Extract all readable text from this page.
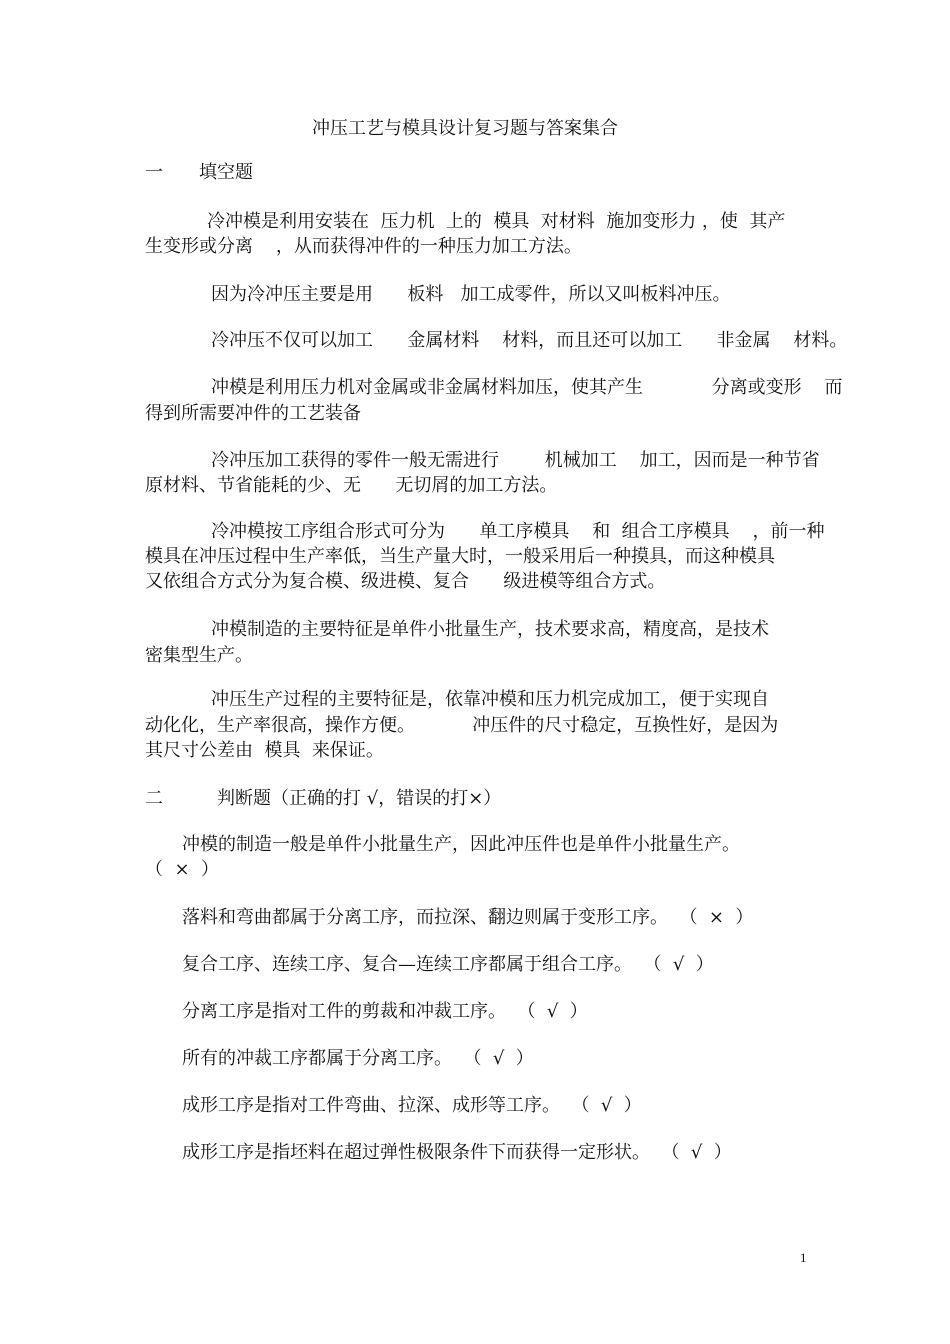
冲压工艺与模具设计复习题与答案集合
一　　填空题
冷冲模是利用安装在  压力机  上的  模具  对材料  施加变形力 ，使  其产
生变形或分离    ，从而获得冲件的一种压力加工方法。
因为冷冲压主要是用      板料   加工成零件，所以又叫板料冲压。
冷冲压不仅可以加工      金属材料    材料，而且还可以加工      非金属    材料。
冲模是利用压力机对金属或非金属材料加压，使其产生            分离或变形    而
得到所需要冲件的工艺装备
冷冲压加工获得的零件一般无需进行        机械加工    加工，因而是一种节省
原材料、节省能耗的少、无      无切屑的加工方法。
冷冲模按工序组合形式可分为      单工序模具    和  组合工序模具    ，前一种
模具在冲压过程中生产率低，当生产量大时，一般采用后一种摸具，而这种模具
又依组合方式分为复合模、级进模、复合      级进模等组合方式。
冲模制造的主要特征是单件小批量生产，技术要求高，精度高，是技术
密集型生产。
冲压生产过程的主要特征是，依靠冲模和压力机完成加工，便于实现自
动化化，生产率很高，操作方便。          冲压件的尺寸稳定，互换性好，是因为
其尺寸公差由  模具  来保证。
二　　　判断题（正确的打 √，错误的打×）
冲模的制造一般是单件小批量生产，因此冲压件也是单件小批量生产。
（  ×  ）
落料和弯曲都属于分离工序，而拉深、翻边则属于变形工序。  （  ×  ）
复合工序、连续工序、复合—连续工序都属于组合工序。  （  √  ）
分离工序是指对工件的剪裁和冲裁工序。  （  √  ）
所有的冲裁工序都属于分离工序。  （  √  ）
成形工序是指对工件弯曲、拉深、成形等工序。  （  √  ）
成形工序是指坯料在超过弹性极限条件下而获得一定形状。  （  √  ）
1
